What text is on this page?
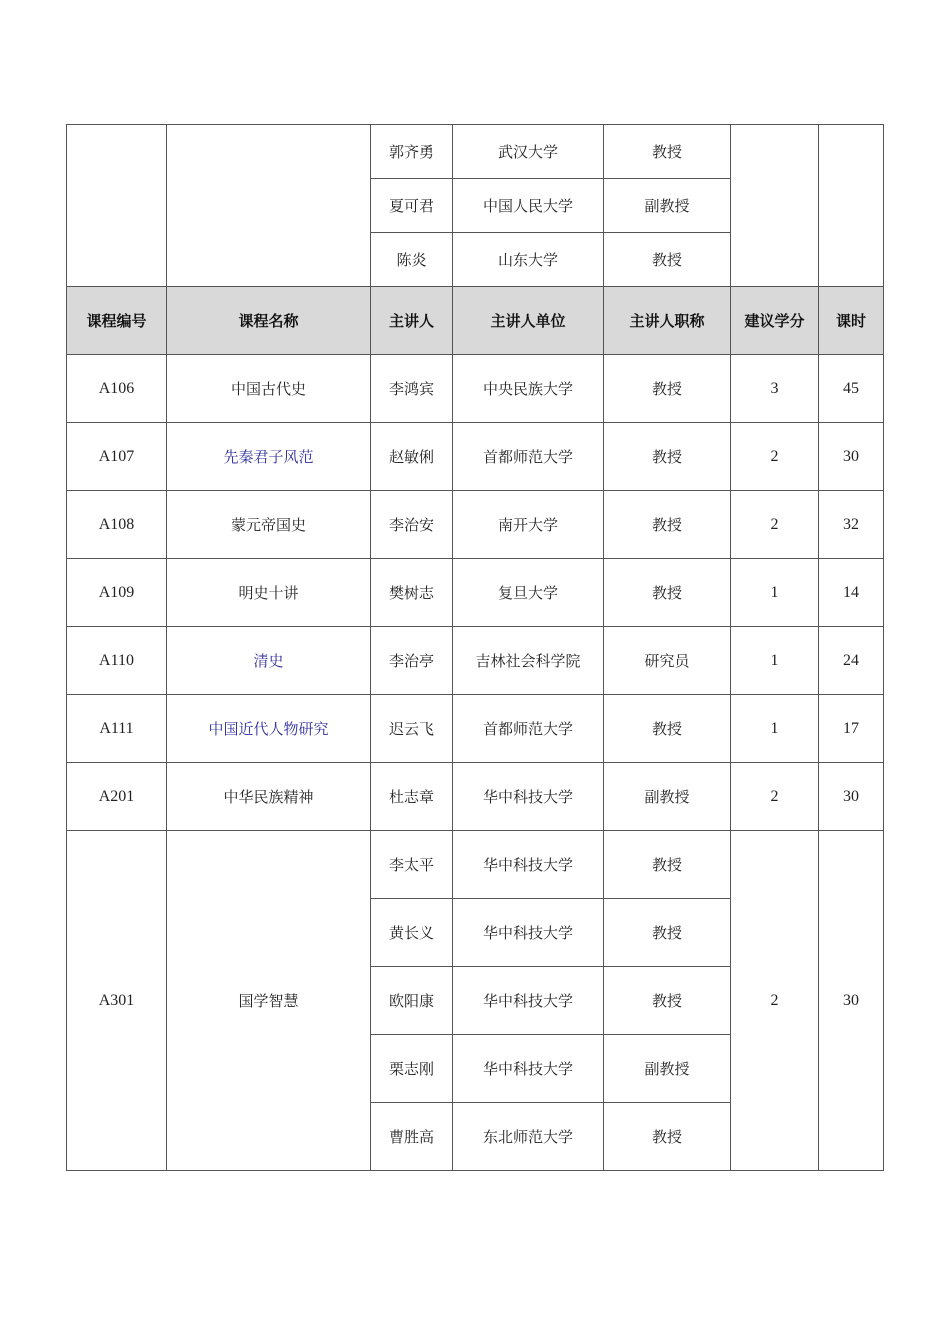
		郭齐勇	武汉大学	教授		
		夏可君	中国人民大学	副教授		
		陈炎	山东大学	教授		
课程编号	课程名称	主讲人	主讲人单位	主讲人职称	建议学分	课时
A106	中国古代史	李鸿宾	中央民族大学	教授	3	45
A107	先秦君子风范	赵敏俐	首都师范大学	教授	2	30
A108	蒙元帝国史	李治安	南开大学	教授	2	32
A109	明史十讲	樊树志	复旦大学	教授	1	14
A110	清史	李治亭	吉林社会科学院	研究员	1	24
A111	中国近代人物研究	迟云飞	首都师范大学	教授	1	17
A201	中华民族精神	杜志章	华中科技大学	副教授	2	30
A301	国学智慧	李太平	华中科技大学	教授	2	30
		黄长义	华中科技大学	教授		
		欧阳康	华中科技大学	教授		
		栗志刚	华中科技大学	副教授		
		曹胜高	东北师范大学	教授		
